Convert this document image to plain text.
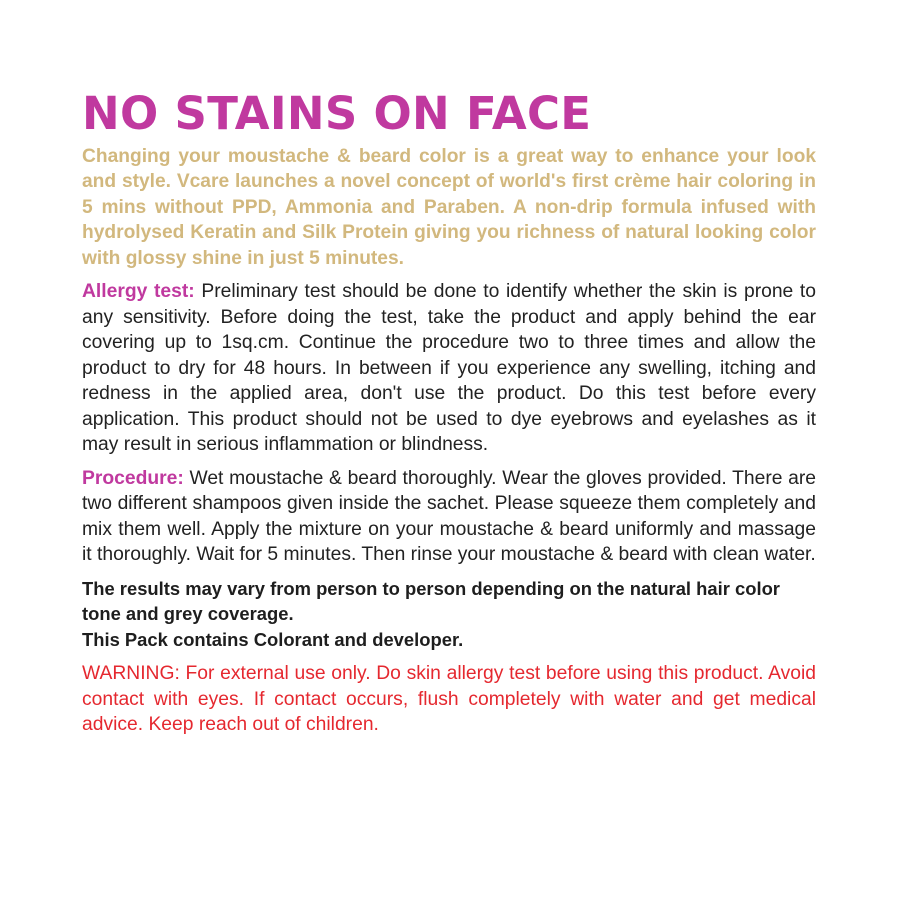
NO STAINS ON FACE

Changing your moustache & beard color is a great way to enhance your look and style. Vcare launches a novel concept of world's first crème hair coloring in 5 mins without PPD, Ammonia and Paraben. A non-drip formula infused with hydrolysed Keratin and Silk Protein giving you richness of natural looking color with glossy shine in just 5 minutes.

Allergy test: Preliminary test should be done to identify whether the skin is prone to any sensitivity. Before doing the test, take the product and apply behind the ear covering up to 1sq.cm. Continue the procedure two to three times and allow the product to dry for 48 hours. In between if you experience any swelling, itching and redness in the applied area, don't use the product. Do this test before every application. This product should not be used to dye eyebrows and eyelashes as it may result in serious inflammation or blindness.

Procedure: Wet moustache & beard thoroughly. Wear the gloves provided. There are two different shampoos given inside the sachet. Please squeeze them completely and mix them well. Apply the mixture on your moustache & beard uniformly and massage it thoroughly. Wait for 5 minutes. Then rinse your moustache & beard with clean water.

The results may vary from person to person depending on the natural hair color tone and grey coverage.

This Pack contains Colorant and developer.

WARNING: For external use only. Do skin allergy test before using this product. Avoid contact with eyes. If contact occurs, flush completely with water and get medical advice. Keep reach out of children.
